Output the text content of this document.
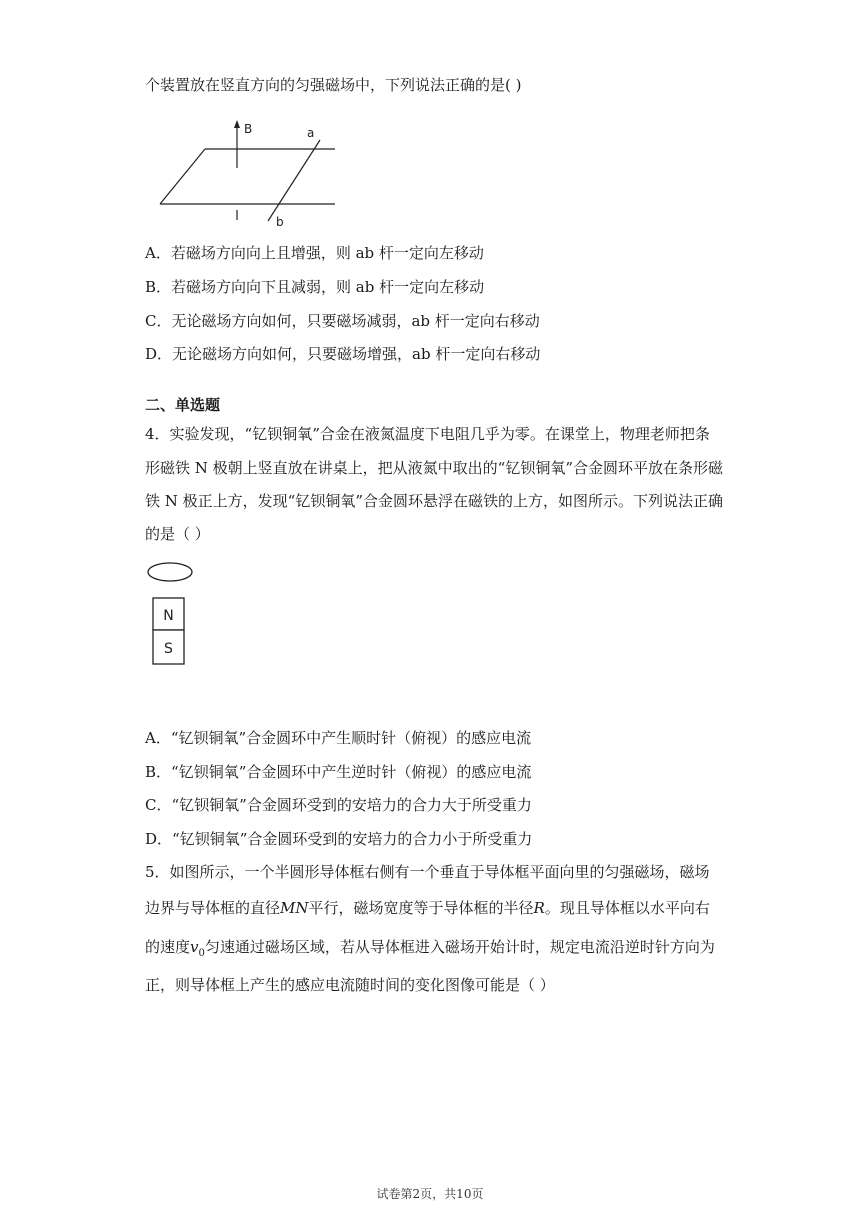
个装置放在竖直方向的匀强磁场中，下列说法正确的是( )
B	a
b
A．若磁场方向向上且增强，则 ab 杆一定向左移动
B．若磁场方向向下且减弱，则 ab 杆一定向左移动
C．无论磁场方向如何，只要磁场减弱，ab 杆一定向右移动
D．无论磁场方向如何，只要磁场增强，ab 杆一定向右移动
二、单选题
4．实验发现，“钇钡铜氧”合金在液氮温度下电阻几乎为零。在课堂上，物理老师把条
形磁铁 N 极朝上竖直放在讲桌上，把从液氮中取出的“钇钡铜氧”合金圆环平放在条形磁
铁 N 极正上方，发现“钇钡铜氧”合金圆环悬浮在磁铁的上方，如图所示。下列说法正确
的是（ ）
N
S
A．“钇钡铜氧”合金圆环中产生顺时针（俯视）的感应电流
B．“钇钡铜氧”合金圆环中产生逆时针（俯视）的感应电流
C．“钇钡铜氧”合金圆环受到的安培力的合力大于所受重力
D．“钇钡铜氧”合金圆环受到的安培力的合力小于所受重力
5．如图所示，一个半圆形导体框右侧有一个垂直于导体框平面向里的匀强磁场，磁场
边界与导体框的直径MN平行，磁场宽度等于导体框的半径R。现且导体框以水平向右
的速度$v_0$匀速通过磁场区域，若从导体框进入磁场开始计时，规定电流沿逆时针方向为
正，则导体框上产生的感应电流随时间的变化图像可能是（ ）
试卷第2页，共10页
